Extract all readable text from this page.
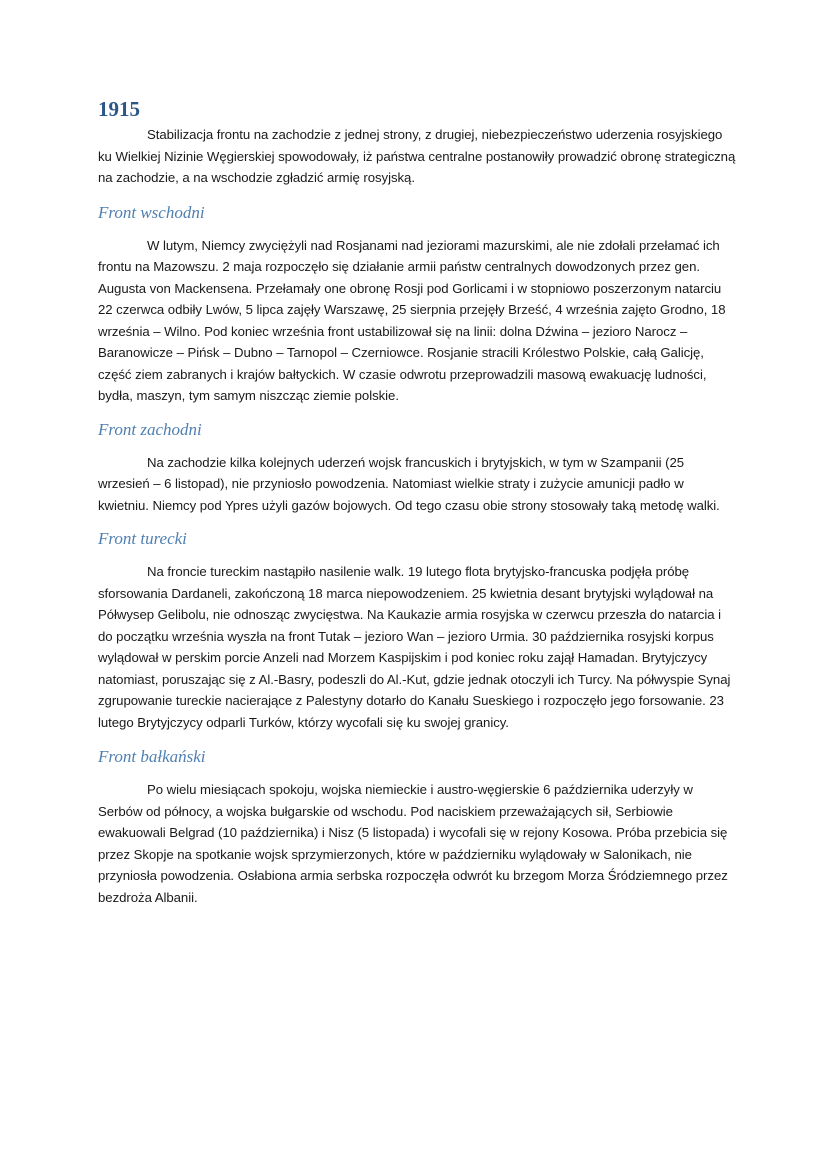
1915

Stabilizacja frontu na zachodzie z jednej strony, z drugiej, niebezpieczeństwo uderzenia rosyjskiego ku Wielkiej Nizinie Węgierskiej spowodowały, iż państwa centralne postanowiły prowadzić obronę strategiczną na zachodzie, a na wschodzie zgładzić armię rosyjską.

Front wschodni

W lutym, Niemcy zwyciężyli nad Rosjanami nad jeziorami mazurskimi, ale nie zdołali przełamać ich frontu na Mazowszu. 2 maja rozpoczęło się działanie armii państw centralnych dowodzonych przez gen. Augusta von Mackensena. Przełamały one obronę Rosji pod Gorlicami i w stopniowo poszerzonym natarciu 22 czerwca odbiły Lwów, 5 lipca zajęły Warszawę, 25 sierpnia przejęły Brześć, 4 września zajęto Grodno, 18 września – Wilno. Pod koniec września front ustabilizował się na linii: dolna Dźwina – jezioro Narocz – Baranowicze – Pińsk – Dubno – Tarnopol – Czerniowce. Rosjanie stracili Królestwo Polskie, całą Galicję, część ziem zabranych i krajów bałtyckich. W czasie odwrotu przeprowadzili masową ewakuację ludności, bydła, maszyn, tym samym niszcząc ziemie polskie.

Front zachodni

Na zachodzie kilka kolejnych uderzeń wojsk francuskich i brytyjskich, w tym w Szampanii (25 wrzesień – 6 listopad), nie przyniosło powodzenia. Natomiast wielkie straty i zużycie amunicji padło w kwietniu. Niemcy pod Ypres użyli gazów bojowych. Od tego czasu obie strony stosowały taką metodę walki.

Front turecki

Na froncie tureckim nastąpiło nasilenie walk. 19 lutego flota brytyjsko-francuska podjęła próbę sforsowania Dardaneli, zakończoną 18 marca niepowodzeniem. 25 kwietnia desant brytyjski wylądował na Półwysep Gelibolu, nie odnosząc zwycięstwa. Na Kaukazie armia rosyjska w czerwcu przeszła do natarcia i do początku września wyszła na front Tutak – jezioro Wan – jezioro Urmia. 30 października rosyjski korpus wylądował w perskim porcie Anzeli nad Morzem Kaspijskim i pod koniec roku zajął Hamadan. Brytyjczycy natomiast, poruszając się z Al.-Basry, podeszli do Al.-Kut, gdzie jednak otoczyli ich Turcy. Na półwyspie Synaj zgrupowanie tureckie nacierające z Palestyny dotarło do Kanału Sueskiego i rozpoczęło jego forsowanie. 23 lutego Brytyjczycy odparli Turków, którzy wycofali się ku swojej granicy.

Front bałkański

Po wielu miesiącach spokoju, wojska niemieckie i austro-węgierskie 6 października uderzyły w Serbów od północy, a wojska bułgarskie od wschodu. Pod naciskiem przeważających sił, Serbiowie ewakuowali Belgrad (10 października) i Nisz (5 listopada) i wycofali się w rejony Kosowa. Próba przebicia się przez Skopje na spotkanie wojsk sprzymierzonych, które w październiku wylądowały w Salonikach, nie przyniosła powodzenia. Osłabiona armia serbska rozpoczęła odwrót ku brzegom Morza Śródziemnego przez bezdroża Albanii.
